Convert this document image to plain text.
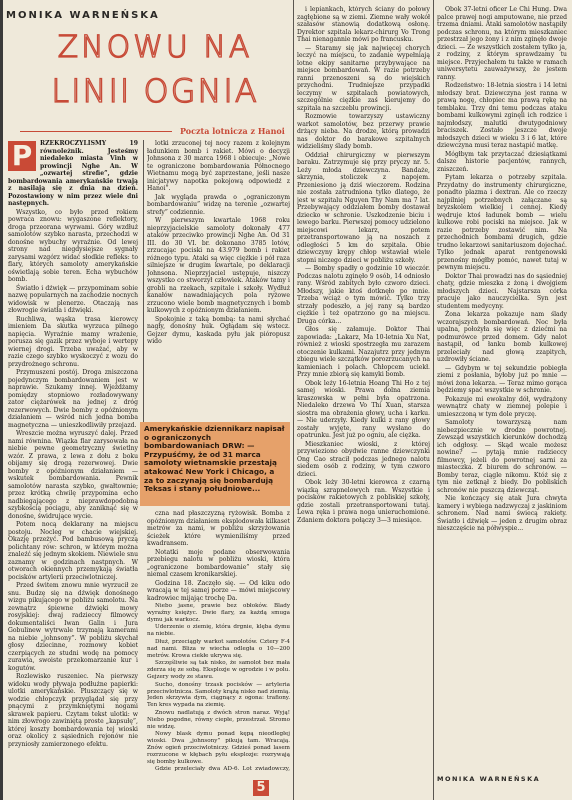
MONIKA WARNEŃSKA
ZNOWU NA
LINII OGNIA
Poczta lotnicza z Hanoi

P	RZEKROCZYLIŚMY 19 równoleżnik. Jesteśmy niedaleko miasta Vinh w prowincji Nghe An. W „ozwartej strefie”, gdzie bombardowania amerykańskie trwają z nasilają się z dnia na dzień. Pozostawiony w nim przez wiele dni następnych.

Wszystko, co było przed rokiem powraca znowu: wygaszone reflektory, droga przeorana wyrwami. Góry wzdłuż samolotów szybko narasta, przechodzi w donośne wybuchy wyraźnie. Od lewej strony nad niegdysiejsze sygnały zarysami wzgórz widać słodkie refleks: to flary, których samoloty amerykańskie oświetlają sobie teren. Echa wybuchów bomb.

Światło i dźwięk — przypominam sobie nazwę popularnych na zachodzie nocnych widowisk w plenerze. Otaczają nas złowrogie światła i dźwięki.

Ruchliwa, wąska trasa kierowcy imieniem Da skutka wyrzuca pilnego napięcia. Wyraźnie mamy wrażenie, porusza się gazik przez wyboje i wertepy wiernej drogi. Trzeba uważać, aby w razie czego szybko wyskoczyć z wozu do przydrożnego schronu.

Przymuszeni postój. Droga zniszczona pojedynczym bombardowaniem jest w naprawie. Szukamy innej. Wjeżdżamy pomiędzy stopniowo rozładowywany zator ciężarówek na jednej z dróg rezerwowych. Dwie bomby z opóźnionym działaniem — wśród nich jedna bomba magnetyczna — unieszkodliwiły przejazd.

Wreszcie można wyruszyć dalej. Przed nami równina. Wiązka flar zarysowała na niebie pewne geometryczny świetlny wzór. Z prawa, z lewa z dołu z boku obijamy się drogą rezerwowej. Dwie bomby z opóźnionym działaniem — wskutek bombardowania. Pewnik samolotów narasta szybko, gwałtownie; przez krótką chwilę przypomina echo nadbiegającego z nieprawdopodobną szybkością pociągu, aby zaniknąć się w donośne, świdrujące wycie.

Potem nocą deklarany na miejscu postoju. Nocleg w chacie wiejskiej. Okazję przeżyć. Pod bambusową pryczą polichtany rów: schron, w którym można znaleźć się jednym skokiem. Niewiele snu zaznamy w godzinach nastpnych. W otworach okiennych przemykają światła pocisków artylerii przeciwlotniczej.

Przed świtem znowu mnie wyrzucił ze snu. Budzę się na dźwięk donośnego wizgu pikującego w pobliżu samolotu. Na zewnątrz śpiewne dźwięki mowy rosyjskiej: dwaj radzieccy filmowcy dokumentaliści Iwan Galin i Jura Gobulinew wytrwale trzymają kamerami na niebie „johnsony”. W pobliżu skychał głosy dziecinne, rozmowy kobiet czerpiących ze studni wodę na pomocy zurawia, swoiste przekomarzanie kur i kogutów.

Rozlewisko ruszeniec. Na pierwszy widoku wody pływaja podłużne papierki: ulotki amerykańskie. Pluszczący się w wodzie chłopczyk przyglądał się przy pnącymi z przymkniętymi nogami skrawek papieru. Czytam tekst ulotki: w nim złowrogo zawiniętą proste „kapsułę”, której koszty bombardowania tej wioski oraz okolicy z sąsiednich rejonów nie przyniosły zamierzonego efektu.

lotki zrzuconej tej nocy razem z kolejnym ładunkiem bomb i rakiet. Mówi o decyzji Johnsona z 30 marca 1968 i obiecuje: „Nowe te ograniczone bombardowania Północnego Wietnamu mogą być zaprzestane, jeśli nasze inicjatywy napotka pokojową odpowiedź z Hanoi”.

Jak wygląda prawda o „ograniczonym bombardowaniu” widzę na terenie „ozwartej strefy” codziennie.

W pierwszym kwartale 1968 roku nieprzyjacielskie samoloty dokonały 477 ataków przeciwko prowincji Nghe An. Od 31 III. do 30 VI. br. dokonano 3785 lotów, zrzucając pociski na 43.979 bomb i rakiet różnego typu. Ataki są więc ciężkie i pół raza silniejsze w drugim kwartale, po deklaracji Johnsona. Nieprzyjaciel ustępuje, niszczy wszystko co stworzył człowiek. Ataków tamy i grobli na rzekach, szpitale i szkoły. Wydłuż kanałów nawadniających pola ryżowe zrzucono wiele bomb magnetycznych i bomb kulkowych z opóźnionym działaniem.

Spokojnie z taką bombą: ta nami słychać nagły, donośny huk. Ogłądam się wstecz. Gejzer dymu, kaskada pyłu jak pióropusz wido

Amerykańskie dziennikarz napisał o ograniczonych bombardowaniach DRW: — Przypuśćmy, że od 31 marca samoloty wietnamskie przestają atakować New York i Chicago, a za to zaczynają się bombardują Teksas i stany południowe...

czna nad płaszczyzną ryżowisk. Bomba z opóźnionym działaniem eksplodowała kilkaset metrów za nami, w pobliżu skrzyżowania ścieżek które wymieniliśmy przed kwadransem.

Notatki moje podane obserwowania przebiegu nalotu w pobliżu wioski, która „ograniczone bombardowanie” stały się niemal czasem kronikarskiej.

Godzina 18. Zaczęło się. — Od kiku odo wracają w tej samej porze — mówi miejscowy kadrowiec mijając trochę Da.

Niebo jasne, prawie bez obłoków. Blady wyraźny księżyc. Dwie flary, za każdą smuga dymu jak warkocz.

Uderzenie o ziemię, która drgnie, klęba dymu na niebie.

Dłuż, przeciągły warkot samolotów. Cztery F-4 nad nami. Bliza w wiecha odległa o 10—200 metrów. Krowa ciekłe ukrywa się.

Szczęśliwie są tak nisko, że samolot bez mała zderza się ze sobą. Eksplozje w ogrodzie i w polu. Gejzery wody ze stawu.

Sucho, donośny trzask pocisków — artyleria przeciwlotnicza. Samoloty krążą nisko nad ziemią. Jeden skrzywia dym, ciągnący z ogona: trafiony. Ten kres wypada na ziemię.

Znowu nadlatują z dwóch stron naraz. Wyją! Niebo pogodne, równy ciepłe, przestrzał. Stromo nie widzę.

Nowy blask dymu ponad kępą nieodległej wioski. Dwa „johnsony” pikują tam. Wracają. Znów ogień przeciwlotniczy. Gdzieś ponad lasem rozrzucone w kłębach pyłu eksplozje: rozrywają się bomby kulkowe.

Gdzie przeleciały dwa AD-6. Lot zwiadowczy,

i lepiankach, których ściany do połowy zagłębione są w ziemi. Ziemne wały wokół szałasów stanowią dodatkową osłonę. Dyrektor szpitala lekarz-chirurg Vo Trong Thai nienagannie mówi po francusku.

— Staramy się jak najwięcej chorych leczyć na miejscu, to zadanie wypełniają lotne ekipy sanitarne przybywające na miejsce bombardowań. W razie potrzeby ranni przenoszeni są do wiejskich przychodni. Trudniejsze przypadki leczymy w szpitalach powiatowych, szczególnie ciężkie zaś kierujemy do szpitala na szczeblu prowincji.

Rozmowie towarzyszy ustawiczny warkot samolotów, bez przerwy prawie drżący nieba. Na drodze, którą prowadzi nas doktor do barakowe szpitalnych widzieliśmy ślady bomb.

Oddział chirurgiczny w pierwszym baraku. Zatrzymuje się przy pryczy nr. 5. Leży młoda dziewczyna. Bandaże, skrzynia, stoliczek z napojem. Przeniesiono ją dziś wieczorem. Rodzina nie została zatrudniona tylko dlatego, że jest w szpitalu Nguyen Thy Nam ma 7 lat. Przebywający oddziałem bomby dostawał dziecko w schronie. Uszkodzenie biciu i lewego barku. Pierwszej pomocy udzielono miejscowi lekarz, potem przetransportowano ją na noszach z odległości 5 km do szpitala. Obie dziewczyny krępy chłop wstawiał wiele stopni niczego dzieci w pobliżu szkoły.

— Bomby spadły o godzinie 10 wieczór. Podczas nalotu zginęło 9 osób, 14 odniosło rany. Wśród zabitych było czworo dzieci. Młodszy, jakie ktoś dotknęło po mnie. Trzeba wciąż o tym mówić. Tylko trzy strzały podeszło, a jej rany są bardzo ciężkie i też opatrzono go na miejscu. Druga córka...

Głos się załamuje. Doktor Thai zapowiada: „Lakarz, Ma 10-letnia Xu Nat, również z wioski spostrzegła mu zarazem otoczenie kulkami. Nazajutrz przy jednym zbiegu wiele szczątków porozrzucanych na kamieniach i polach. Chłopcem uciekł. Przy mnie zbiorą się kamyki bomb.

Obok leży 16-letnia Hoang Thi Ho z tej samej wioski. Prawa dolna ziemia kraszowska w pełni była opatrzona. Niedaleko drzewa Vo Thi Xuan, starsza siostra ma obrażenia głowy, ucha i karku. — Nie uderzyły. Kiedy kulki z rany głowy zostały wyjęte, rany wysłano do opatrunku. Jest już po ogniu, ale ciężka.

Mieszkaniec wioski, z której przywieziono obydwie ranne dziewczynki Ong Cao stracił podczas jednego nalotu siedem osób z rodziny, w tym czworo dzieci.

Obok leży 30-letni kierowca z czarną wiązką szrapnelowych ran. Wszystkie i pocisków rakietowych z pobliskiej szkoły, gdzie zostali przetransportowani tutaj. Lewa ręka i prawa noga unieruchomione. Zdaniem doktora połączy 3—3 miesiące.

Obok 37-letni oficer Le Chi Hung. Dwa palce prawej nogi amputowane, nie przed trzema dniami. Ataki samolotów nastąpiły podczas schronu, na którym mieszkaniec przestrzał jego żony i z nim zginęło dwoje dzieci. — Ze wszystkich zostałem tylko ja, z rodziny, z którym sprawdzamy tu miejsce. Przyjechałem tu także w ramach uniwersytetu zauważywszy, że jestem ranny.

Rodzeństwo: 18-letnia siostra i 14 letni młodszy brat. Dziewczyna jest ranna w prawą nogę, chłopiec ma prawą rękę na temblaku. Trzy dni temu podczas ataku bombami kulkowymi zginęli ich rodzice i najmłodszy, malutki dwutygodniowy braciszek. Zostało jeszcze dwoje młodszych dzieci w wieku 3 i 6 lat, które dziewczyna musi teraz nastąpić matkę.

Mógłbym tak przytaczać dziesiątkami dalsze historie pacjentów, rannych, zniszczeń.

Fytam lekarza o potrzeby szpitala. Przydatny do instrumenty chirurgiczne, ponadto plazma i dextran. Ale co rzeczy najpilniej potrzebnych załączane są bryzskolem wielkiej i cennej. Kiedy wędruje ktoś ładunek bomb — wielu kulkowe robi pociski na miejsce. Jak w razie potrzeby zostawić nim. Na przechodnich bombami drugich, gdzie trudno lekarzowi sanitariuszom dojechać. Tylko jednak aparat rentgenowski przenośny mógłby pomóc, nawet tutaj w pewnym miejscu.

Doktor Thai prowadzi nas do sąsiedniej chaty, gdzie mieszka z żoną i dwojgiem młodszych dzieci. Najstarsza córka pracuje jako nauczycielka. Syn jest studentem medycyny.

Żona lekarza pokazuje nam ślady wczorajszych bombardowań. Noc była upalna, położyła się więc z dziećmi na podmurówce przed domem. Gdy nalot nastąpił, od łanku bomb kulkowej przeleciały nad głową zzapitych, uzdrowiły ściane.

— Gdybym w tej sekundzie pobiegła ziemi z posłania, byłoby już po mnie — mówi żona lekarza. — Teraz mimo gorąca będziemy spać wszystkie w schronie.

Pokazuje mi ewokalny dół, wydrążony wewnątrz chaty w ziemnej polepie i umieszczoną w tym dole pryczę.

Samoloty towarzyszą nam niebezpiecznie w drodze powrotnej. Zewsząd wszystkich kierunków dochodzą ich odgłosy. — Skąd wcale możesz nowine? — pytają mnie radzieccy filmowcy, jeżeli do powrotnej sarni za miasteczka. Z biurem do schronów. — Bomby teraz, ciągle nikomu. Któż się z tym nie zetknął z biedy. Do pobliskich schronów nie puszczą dziewcząt.

Nie kończący się atak Jura chwyta kamery i wybiega nadzwyczaj z jaskiniom schronem. Nad nami świecą rakiety. Światło i dźwięk — jeden z drugim obraz nieszczęście na półwyspie...

5
MONIKA WARNEŃSKA
